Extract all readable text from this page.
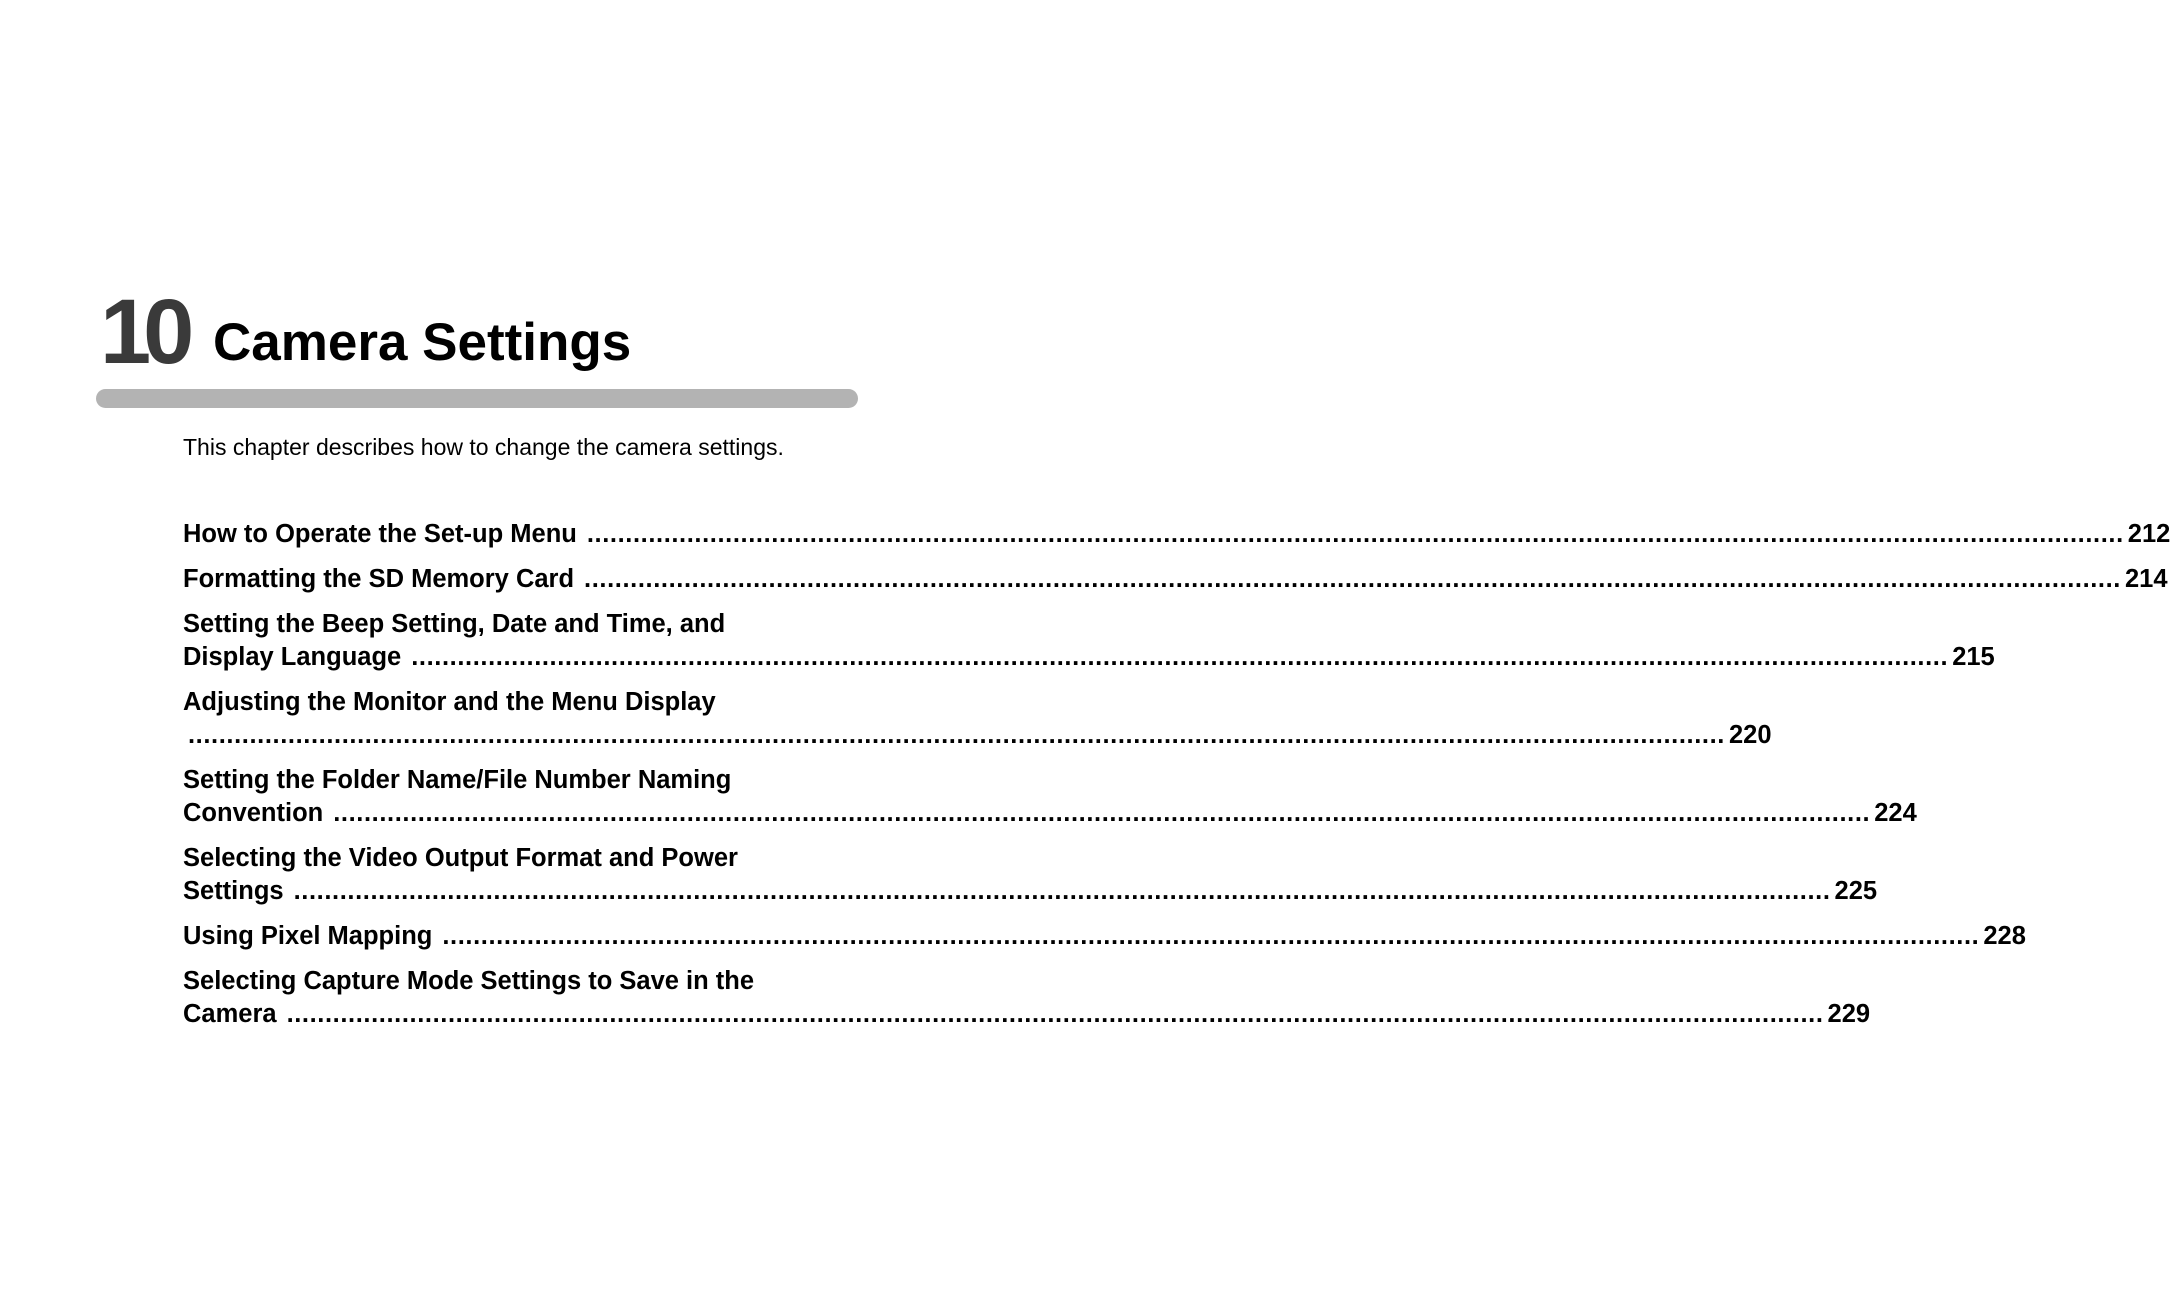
10 Camera Settings
This chapter describes how to change the camera settings.
How to Operate the Set-up Menu ........................................................................................................................................................................................................ 212
Formatting the SD Memory Card ........................................................................................................................................................................................................ 214
Setting the Beep Setting, Date and Time, and
Display Language ........................................................................................................................................................................................................ 215
Adjusting the Monitor and the Menu Display
........................................................................................................................................................................................................ 220
Setting the Folder Name/File Number Naming
Convention ........................................................................................................................................................................................................ 224
Selecting the Video Output Format and Power
Settings ........................................................................................................................................................................................................ 225
Using Pixel Mapping ........................................................................................................................................................................................................ 228
Selecting Capture Mode Settings to Save in the
Camera ........................................................................................................................................................................................................ 229
